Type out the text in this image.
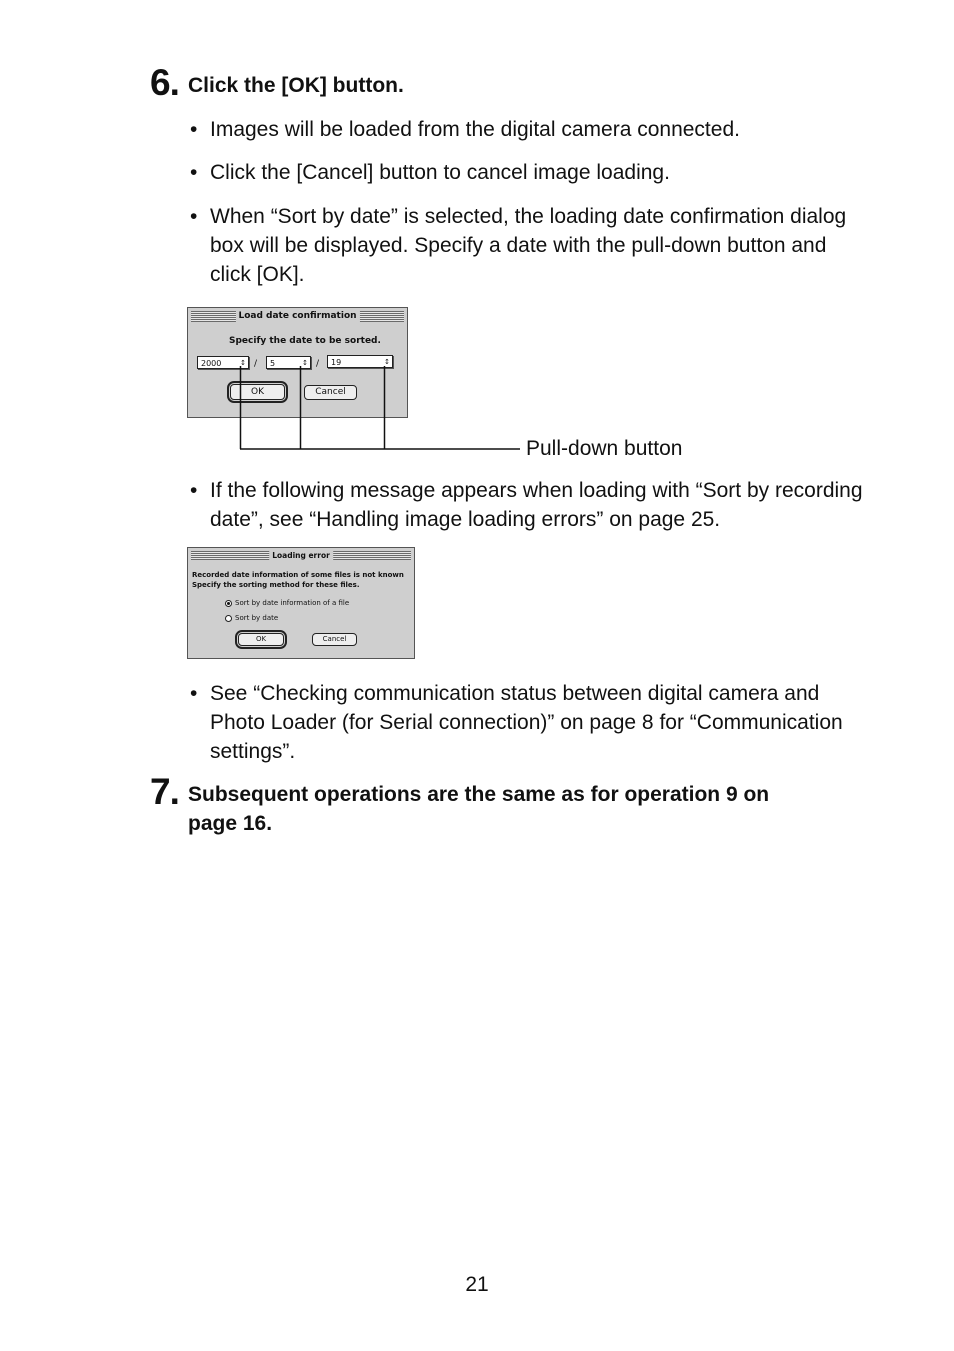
6. Click the [OK] button.
• Images will be loaded from the digital camera connected.
• Click the [Cancel] button to cancel image loading.
• When “Sort by date” is selected, the loading date confirmation dialog box will be displayed. Specify a date with the pull-down button and click [OK].
Load date confirmation
Specify the date to be sorted.
2000	↕ /	5	↕ /	19	↕
OK	Cancel
Pull-down button
• If the following message appears when loading with “Sort by recording date”, see “Handling image loading errors” on page 25.
Loading error
Recorded date information of some files is not known
Specify the sorting method for these files.
Sort by date information of a file
Sort by date
OK	Cancel
• See “Checking communication status between digital camera and Photo Loader (for Serial connection)” on page 8 for “Communication settings”.
7. Subsequent operations are the same as for operation 9 on
page 16.
21
